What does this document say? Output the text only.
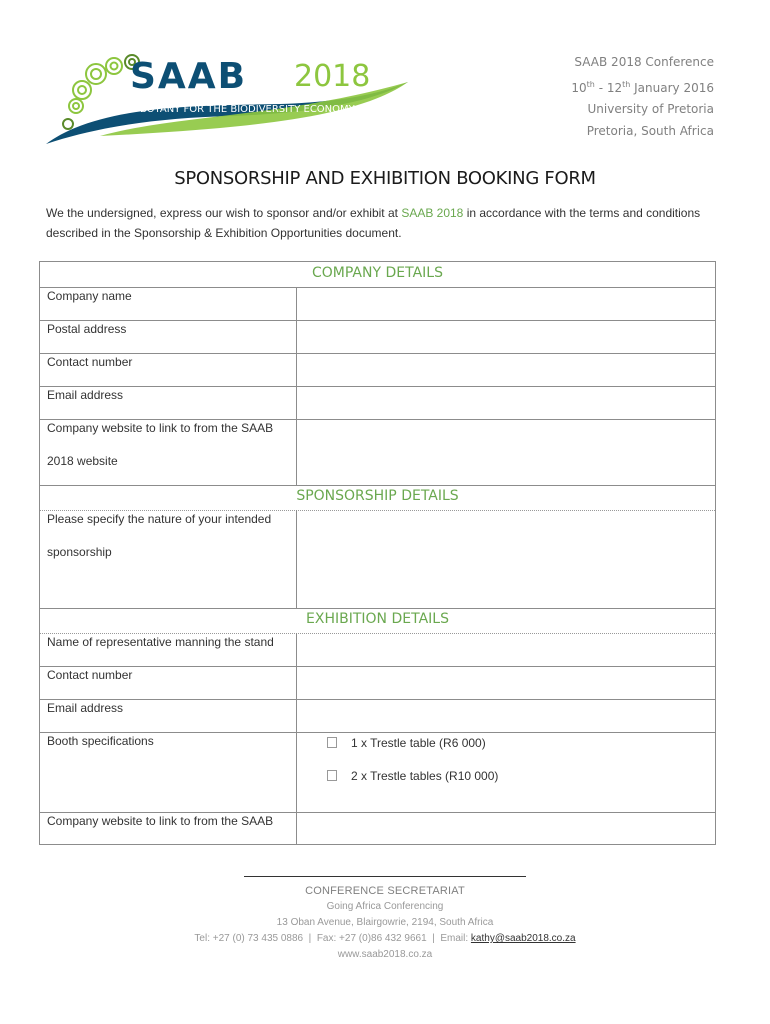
SAAB 2018
BOTANY FOR THE BIODIVERSITY ECONOMY
SAAB 2018 Conference
10th - 12th January 2016
University of Pretoria
Pretoria, South Africa
SPONSORSHIP AND EXHIBITION BOOKING FORM
We the undersigned, express our wish to sponsor and/or exhibit at SAAB 2018 in accordance with the terms and conditions described in the Sponsorship & Exhibition Opportunities document.
COMPANY DETAILS
Company name
Postal address
Contact number
Email address
Company website to link to from the SAAB
2018 website
SPONSORSHIP DETAILS
Please specify the nature of your intended
sponsorship
EXHIBITION DETAILS
Name of representative manning the stand
Contact number
Email address
Booth specifications	1 x Trestle table (R6 000)
2 x Trestle tables (R10 000)
Company website to link to from the SAAB
CONFERENCE SECRETARIAT
Going Africa Conferencing
13 Oban Avenue, Blairgowrie, 2194, South Africa
Tel: +27 (0) 73 435 0886  |  Fax: +27 (0)86 432 9661  |  Email: kathy@saab2018.co.za
www.saab2018.co.za
